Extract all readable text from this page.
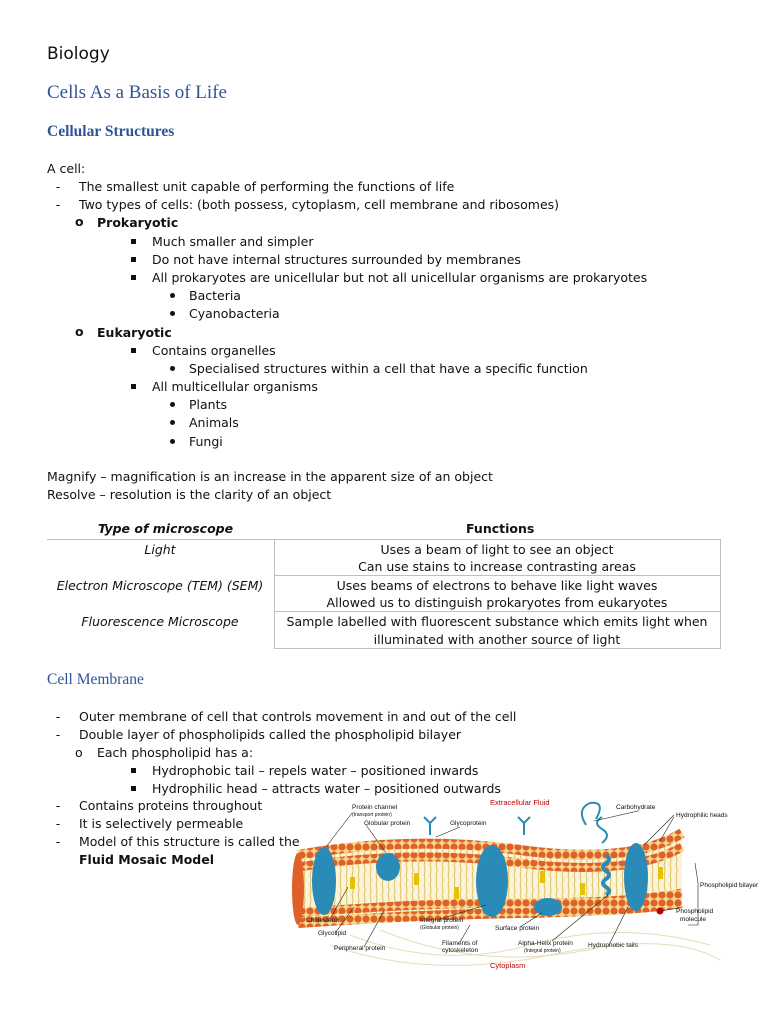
Biology
Cells As a Basis of Life
Cellular Structures
A cell:
-	The smallest unit capable of performing the functions of life
-	Two types of cells: (both possess, cytoplasm, cell membrane and ribosomes)
o Prokaryotic
Much smaller and simpler
Do not have internal structures surrounded by membranes
All prokaryotes are unicellular but not all unicellular organisms are prokaryotes
Bacteria
Cyanobacteria
o Eukaryotic
Contains organelles
Specialised structures within a cell that have a specific function
All multicellular organisms
Plants
Animals
Fungi
Magnify – magnification is an increase in the apparent size of an object
Resolve – resolution is the clarity of an object
Type of microscope	Functions
Light	Uses a beam of light to see an object
Can use stains to increase contrasting areas
Electron Microscope (TEM) (SEM)	Uses beams of electrons to behave like light waves
Allowed us to distinguish prokaryotes from eukaryotes
Fluorescence Microscope	Sample labelled with fluorescent substance which emits light when
illuminated with another source of light
Cell Membrane
-	Outer membrane of cell that controls movement in and out of the cell
-	Double layer of phospholipids called the phospholipid bilayer
o Each phospholipid has a:
Hydrophobic tail – repels water – positioned inwards
Hydrophilic head – attracts water – positioned outwards
-	Contains proteins throughout
-	It is selectively permeable
-	Model of this structure is called the
Fluid Mosaic Model
Extracellular Fluid
Protein channel
(transport protein)
Globular protein	Glycoprotein
Carbohydrate
Hydrophilic heads
Phospholipid bilayer
Phospholipid
molecule
Cholesterol
Glycolipid
Peripheral protein
Integral protein
(Globular protein)	Surface protein
Filaments of
cytoskeleton
Alpha-Helix protein
(Integral protein)
Hydrophobic tails
Cytoplasm
